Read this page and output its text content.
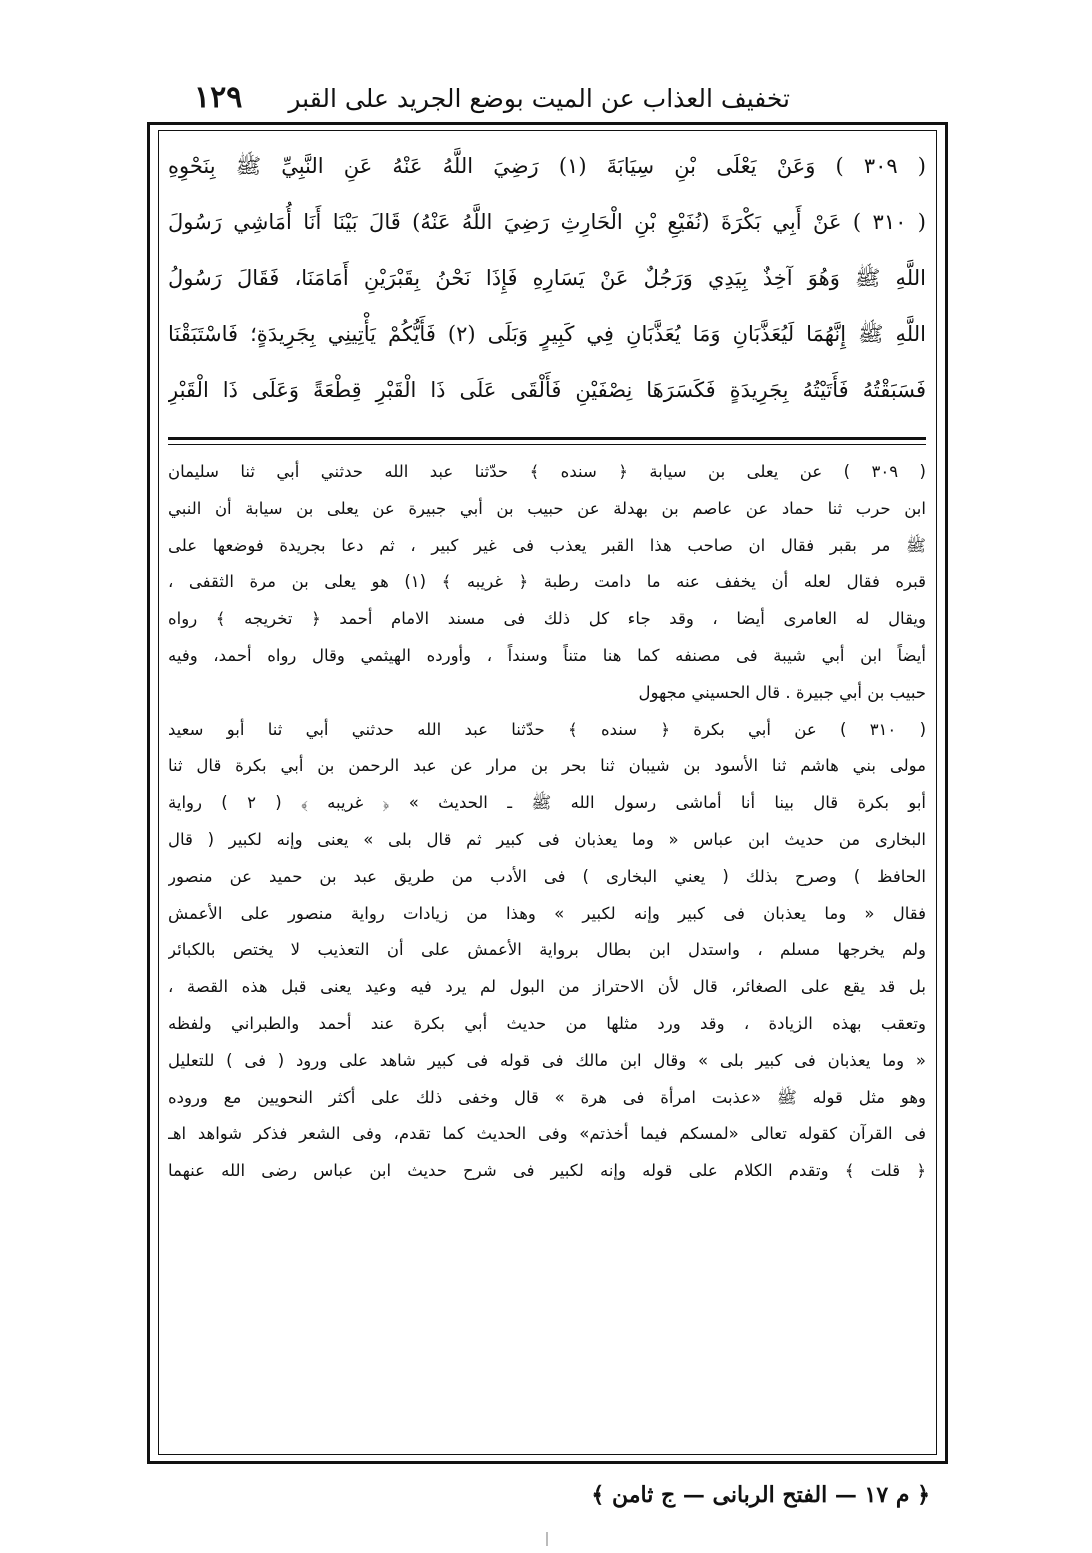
تخفيف العذاب عن الميت بوضع الجريد على القبر
١٢٩
( ٣٠٩ ) وَعَنْ يَعْلَى بْنِ سِيَابَةَ (١) رَضِيَ اللَّهُ عَنْهُ عَنِ النَّبِيِّ ﷺ بِنَحْوِهِ
( ٣١٠ ) عَنْ أَبِي بَكْرَةَ (نُفَيْعِ بْنِ الْحَارِثِ رَضِيَ اللَّهُ عَنْهُ) قَالَ بَيْنَا أَنَا أُمَاشِي رَسُولَ
اللَّهِ ﷺ وَهُوَ آخِذٌ بِيَدِي وَرَجُلٌ عَنْ يَسَارِهِ فَإِذَا نَحْنُ بِقَبْرَيْنِ أَمَامَنَا، فَقَالَ رَسُولُ
اللَّهِ ﷺ إِنَّهُمَا لَيُعَذَّبَانِ وَمَا يُعَذَّبَانِ فِي كَبِيرٍ وَبَلَى (٢) فَأَيُّكُمْ يَأْتِينِي بِجَرِيدَةٍ؛ فَاسْتَبَقْنَا
فَسَبَقْتُهُ فَأَتَيْتُهُ بِجَرِيدَةٍ فَكَسَرَهَا نِصْفَيْنِ فَأَلْقَى عَلَى ذَا الْقَبْرِ قِطْعَةً وَعَلَى ذَا الْقَبْرِ
( ٣٠٩ ) عن يعلى بن سيابة ﴿ سنده ﴾ حدّثنا عبد الله حدثني أبي ثنا سليمان
ابن حرب ثنا حماد عن عاصم بن بهدلة عن حبيب بن أبي جبيرة عن يعلى بن سيابة أن النبي
ﷺ مر بقبر فقال ان صاحب هذا القبر يعذب فى غير كبير ، ثم دعا بجريدة فوضعها على
قبره فقال لعله أن يخفف عنه ما دامت رطبة ﴿ غريبه ﴾ (١) هو يعلى بن مرة الثقفى ،
ويقال له العامرى أيضا ، وقد جاء كل ذلك فى مسند الامام أحمد ﴿ تخريجه ﴾ رواه
أيضاً ابن أبي شيبة فى مصنفه كما هنا متناً وسنداً ، وأورده الهيثمي وقال رواه أحمد، وفيه
حبيب بن أبي جبيرة . قال الحسيني مجهول
( ٣١٠ ) عن أبي بكرة ﴿ سنده ﴾ حدّثنا عبد الله حدثني أبي ثنا أبو سعيد
مولى بني هاشم ثنا الأسود بن شيبان ثنا بحر بن مرار عن عبد الرحمن بن أبي بكرة قال ثنا
أبو بكرة قال بينا أنا أماشى رسول الله ﷺ ـ الحديث » ﴿ غريبه ﴾ ( ٢ ) رواية
البخارى من حديث ابن عباس « وما يعذبان فى كبير ثم قال بلى » يعنى وإنه لكبير ( قال
الحافظ ) وصرح بذلك ( يعني البخارى ) فى الأدب من طريق عبد بن حميد عن منصور
فقال « وما يعذبان فى كبير وإنه لكبير » وهذا من زيادات رواية منصور على الأعمش
ولم يخرجها مسلم ، واستدل ابن بطال برواية الأعمش على أن التعذيب لا يختص بالكبائر
بل قد يقع على الصغائر، قال لأن الاحتراز من البول لم يرد فيه وعيد يعنى قبل هذه القصة ،
وتعقب بهذه الزيادة ، وقد ورد مثلها من حديث أبي بكرة عند أحمد والطبراني ولفظه
« وما يعذبان فى كبير بلى » وقال ابن مالك فى قوله فى كبير شاهد على ورود ( فى ) للتعليل
وهو مثل قوله ﷺ «عذبت امرأة فى هرة » قال وخفى ذلك على أكثر النحويين مع وروده
فى القرآن كقوله تعالى «لمسكم فيما أخذتم» وفى الحديث كما تقدم، وفى الشعر فذكر شواهد اهـ
﴿ قلت ﴾ وتقدم الكلام على قوله وإنه لكبير فى شرح حديث ابن عباس رضى الله عنهما
﴿ م ١٧ — الفتح الربانى — ج ثامن ﴾
